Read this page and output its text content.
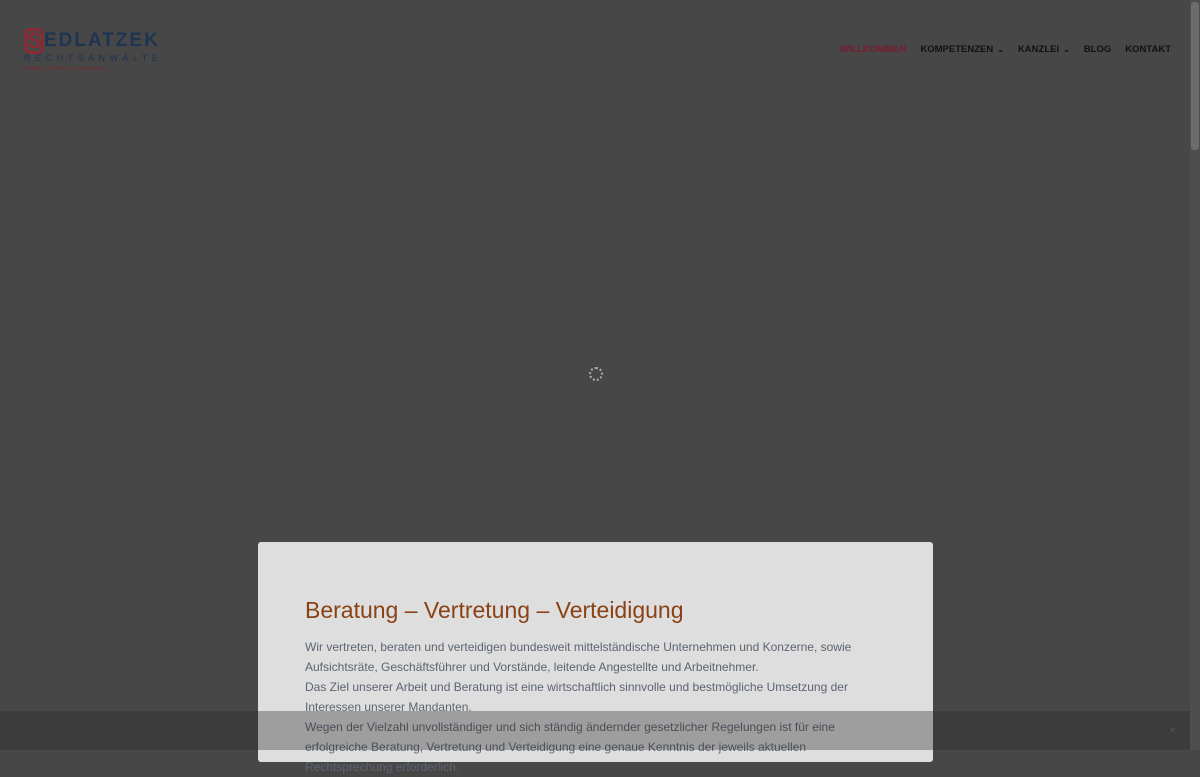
S EDLATZEK
RECHTSANWÄLTE
Beratung · Vertretung · Verteidigung
WILLKOMMEN KOMPETENZEN ⌄ KANZLEI ⌄ BLOG KONTAKT
Beratung – Vertretung – Verteidigung

Wir vertreten, beraten und verteidigen bundesweit mittelständische Unternehmen und Konzerne, sowie Aufsichtsräte, Geschäftsführer und Vorstände, leitende Angestellte und Arbeitnehmer.

Das Ziel unserer Arbeit und Beratung ist eine wirtschaftlich sinnvolle und bestmögliche Umsetzung der Interessen unserer Mandanten.

Wegen der Vielzahl unvollständiger und sich ständig ändernder gesetzlicher Regelungen ist für eine erfolgreiche Beratung, Vertretung und Verteidigung eine genaue Kenntnis der jeweils aktuellen Rechtsprechung erforderlich.

×
